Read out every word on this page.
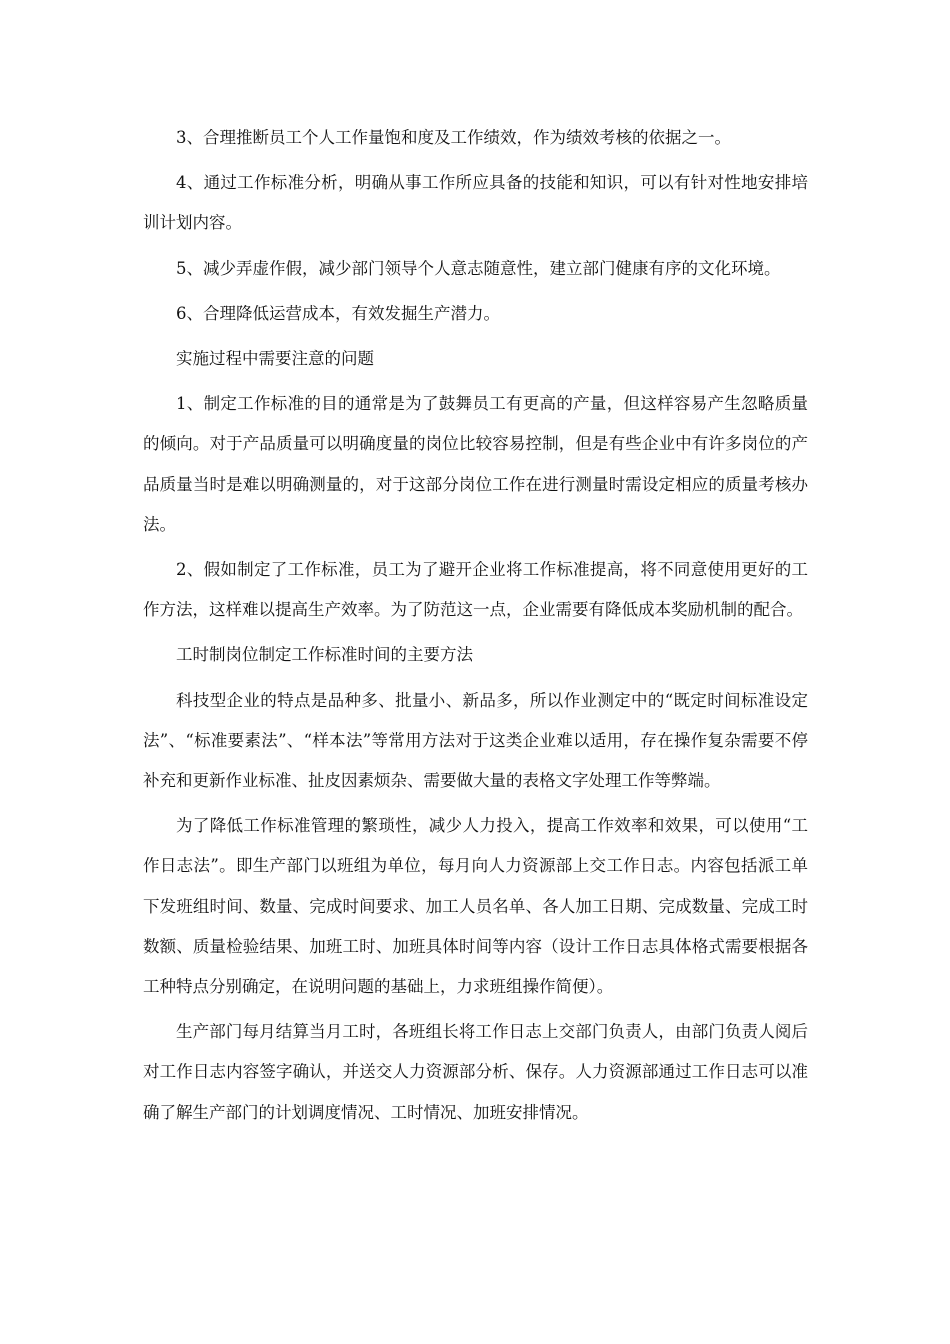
3、合理推断员工个人工作量饱和度及工作绩效，作为绩效考核的依据之一。

4、通过工作标准分析，明确从事工作所应具备的技能和知识，可以有针对性地安排培训计划内容。

5、减少弄虚作假，减少部门领导个人意志随意性，建立部门健康有序的文化环境。

6、合理降低运营成本，有效发掘生产潜力。

实施过程中需要注意的问题

1、制定工作标准的目的通常是为了鼓舞员工有更高的产量，但这样容易产生忽略质量的倾向。对于产品质量可以明确度量的岗位比较容易控制，但是有些企业中有许多岗位的产品质量当时是难以明确测量的，对于这部分岗位工作在进行测量时需设定相应的质量考核办法。

2、假如制定了工作标准，员工为了避开企业将工作标准提高，将不同意使用更好的工作方法，这样难以提高生产效率。为了防范这一点，企业需要有降低成本奖励机制的配合。

工时制岗位制定工作标准时间的主要方法

科技型企业的特点是品种多、批量小、新品多，所以作业测定中的“既定时间标准设定法”、“标准要素法”、“样本法”等常用方法对于这类企业难以适用，存在操作复杂需要不停补充和更新作业标准、扯皮因素烦杂、需要做大量的表格文字处理工作等弊端。

为了降低工作标准管理的繁琐性，减少人力投入，提高工作效率和效果，可以使用“工作日志法”。即生产部门以班组为单位，每月向人力资源部上交工作日志。内容包括派工单下发班组时间、数量、完成时间要求、加工人员名单、各人加工日期、完成数量、完成工时数额、质量检验结果、加班工时、加班具体时间等内容（设计工作日志具体格式需要根据各工种特点分别确定，在说明问题的基础上，力求班组操作简便）。

生产部门每月结算当月工时，各班组长将工作日志上交部门负责人，由部门负责人阅后对工作日志内容签字确认，并送交人力资源部分析、保存。人力资源部通过工作日志可以准确了解生产部门的计划调度情况、工时情况、加班安排情况。
